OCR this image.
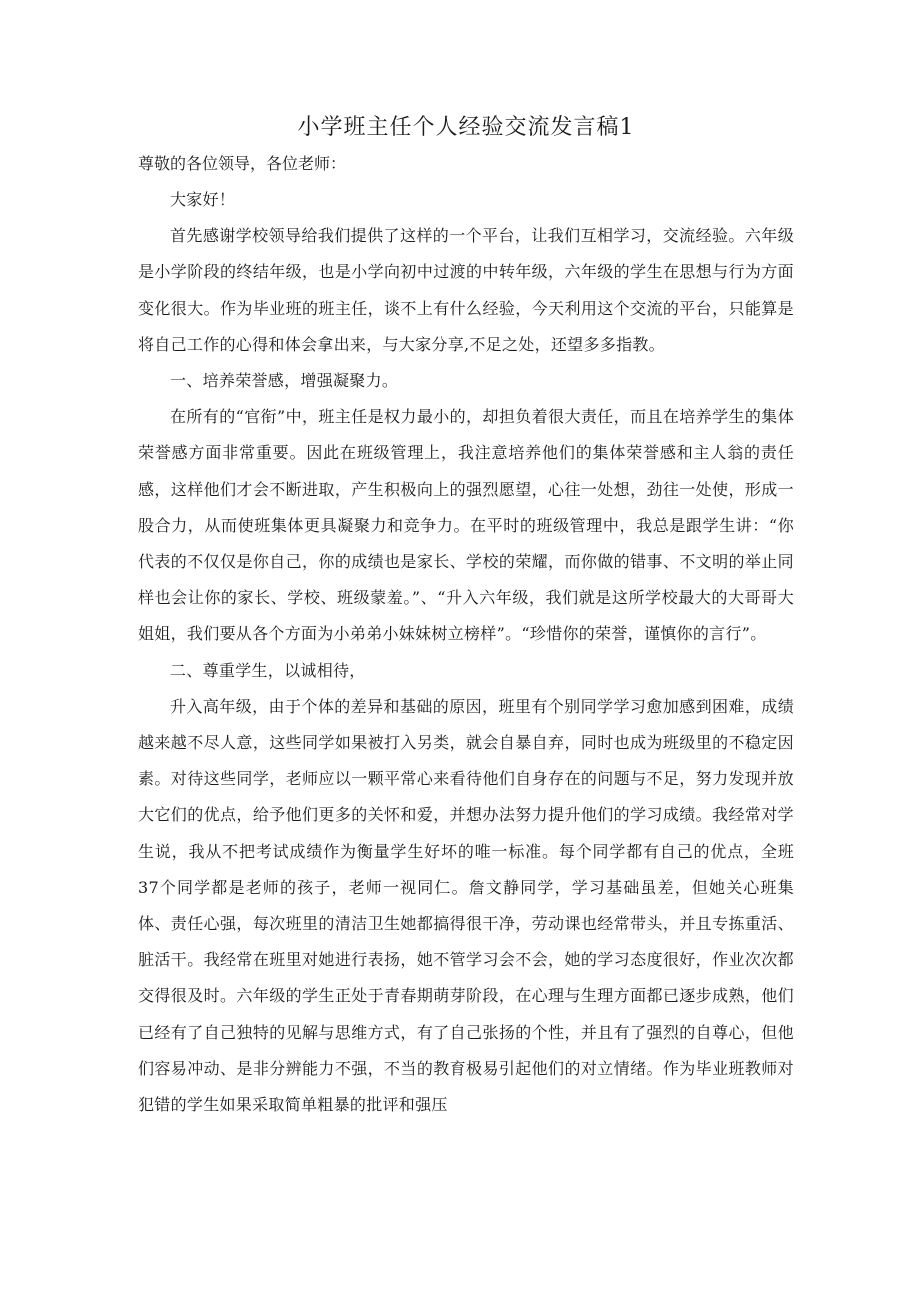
小学班主任个人经验交流发言稿1

尊敬的各位领导，各位老师：

大家好！

首先感谢学校领导给我们提供了这样的一个平台，让我们互相学习，交流经验。六年级是小学阶段的终结年级，也是小学向初中过渡的中转年级，六年级的学生在思想与行为方面变化很大。作为毕业班的班主任，谈不上有什么经验，今天利用这个交流的平台，只能算是将自己工作的心得和体会拿出来，与大家分享,不足之处，还望多多指教。

一、培养荣誉感，增强凝聚力。

在所有的“官衔”中，班主任是权力最小的，却担负着很大责任，而且在培养学生的集体荣誉感方面非常重要。因此在班级管理上，我注意培养他们的集体荣誉感和主人翁的责任感，这样他们才会不断进取，产生积极向上的强烈愿望，心往一处想，劲往一处使，形成一股合力，从而使班集体更具凝聚力和竞争力。在平时的班级管理中，我总是跟学生讲：“你代表的不仅仅是你自己，你的成绩也是家长、学校的荣耀，而你做的错事、不文明的举止同样也会让你的家长、学校、班级蒙羞。”、“升入六年级，我们就是这所学校最大的大哥哥大姐姐，我们要从各个方面为小弟弟小妹妹树立榜样”。“珍惜你的荣誉，谨慎你的言行”。

二、尊重学生，以诚相待，

升入高年级，由于个体的差异和基础的原因，班里有个别同学学习愈加感到困难，成绩越来越不尽人意，这些同学如果被打入另类，就会自暴自弃，同时也成为班级里的不稳定因素。对待这些同学，老师应以一颗平常心来看待他们自身存在的问题与不足，努力发现并放大它们的优点，给予他们更多的关怀和爱，并想办法努力提升他们的学习成绩。我经常对学生说，我从不把考试成绩作为衡量学生好坏的唯一标准。每个同学都有自己的优点，全班37个同学都是老师的孩子，老师一视同仁。詹文静同学，学习基础虽差，但她关心班集体、责任心强，每次班里的清洁卫生她都搞得很干净，劳动课也经常带头，并且专拣重活、脏活干。我经常在班里对她进行表扬，她不管学习会不会，她的学习态度很好，作业次次都交得很及时。六年级的学生正处于青春期萌芽阶段，在心理与生理方面都已逐步成熟，他们已经有了自己独特的见解与思维方式，有了自己张扬的个性，并且有了强烈的自尊心，但他们容易冲动、是非分辨能力不强，不当的教育极易引起他们的对立情绪。作为毕业班教师对犯错的学生如果采取简单粗暴的批评和强压
